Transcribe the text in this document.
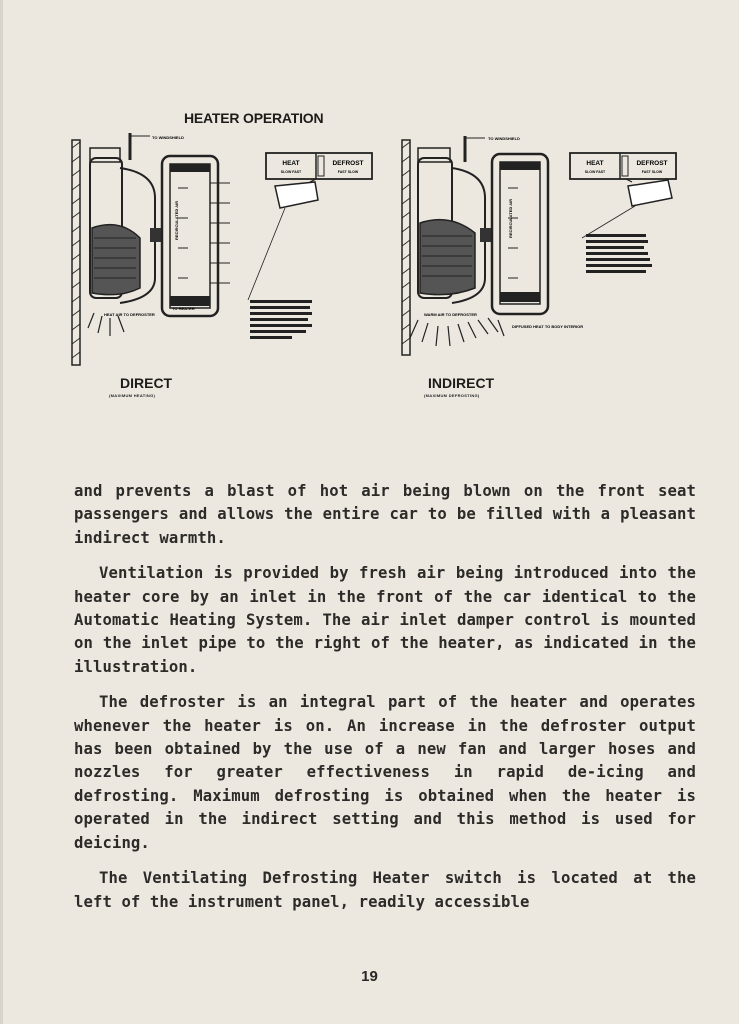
HEATER OPERATION
TO WINDSHIELD
RECIRCULATED AIR
HEAT AIR TO DEFROSTER
TO HEATER
HEAT
SLOW FAST
DEFROST
FAST SLOW
TO WINDSHIELD
RECIRCULATED AIR
WARM AIR TO DEFROSTER
DIFFUSED HEAT TO BODY INTERIOR
HEAT
SLOW FAST
DEFROST
FAST SLOW
DIRECT
(MAXIMUM HEATING)
INDIRECT
(MAXIMUM DEFROSTING)

and prevents a blast of hot air being blown on the front seat passengers and allows the entire car to be filled with a pleasant indirect warmth.

Ventilation is provided by fresh air being introduced into the heater core by an inlet in the front of the car identical to the Automatic Heating System. The air inlet damper control is mounted on the inlet pipe to the right of the heater, as indicated in the illustration.

The defroster is an integral part of the heater and operates whenever the heater is on. An increase in the defroster output has been obtained by the use of a new fan and larger hoses and nozzles for greater effectiveness in rapid de-icing and defrosting. Maximum defrosting is obtained when the heater is operated in the indirect setting and this method is used for deicing.

The Ventilating Defrosting Heater switch is located at the left of the instrument panel, readily accessible

19
